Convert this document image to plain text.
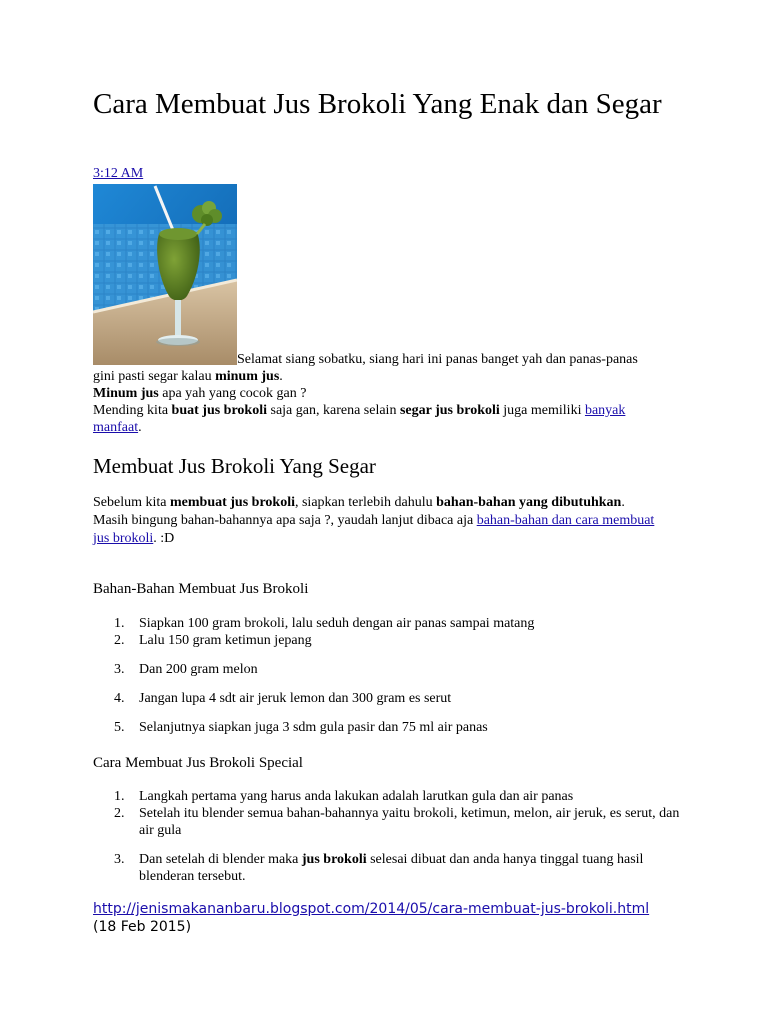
Cara Membuat Jus Brokoli Yang Enak dan Segar
3:12 AM
Selamat siang sobatku, siang hari ini panas banget yah dan panas-panas gini pasti segar kalau minum jus.
Minum jus apa yah yang cocok gan ?
Mending kita buat jus brokoli saja gan, karena selain segar jus brokoli juga memiliki banyak manfaat.
Membuat Jus Brokoli Yang Segar
Sebelum kita membuat jus brokoli, siapkan terlebih dahulu bahan-bahan yang dibutuhkan. Masih bingung bahan-bahannya apa saja ?, yaudah lanjut dibaca aja bahan-bahan dan cara membuat jus brokoli. :D
Bahan-Bahan Membuat Jus Brokoli
1. Siapkan 100 gram brokoli, lalu seduh dengan air panas sampai matang
2. Lalu 150 gram ketimun jepang
3. Dan 200 gram melon
4. Jangan lupa 4 sdt air jeruk lemon dan 300 gram es serut
5. Selanjutnya siapkan juga 3 sdm gula pasir dan 75 ml air panas
Cara Membuat Jus Brokoli Special
1. Langkah pertama yang harus anda lakukan adalah larutkan gula dan air panas
2. Setelah itu blender semua bahan-bahannya yaitu brokoli, ketimun, melon, air jeruk, es serut, dan air gula
3. Dan setelah di blender maka jus brokoli selesai dibuat dan anda hanya tinggal tuang hasil blenderan tersebut.
http://jenismakananbaru.blogspot.com/2014/05/cara-membuat-jus-brokoli.html
(18 Feb 2015)
